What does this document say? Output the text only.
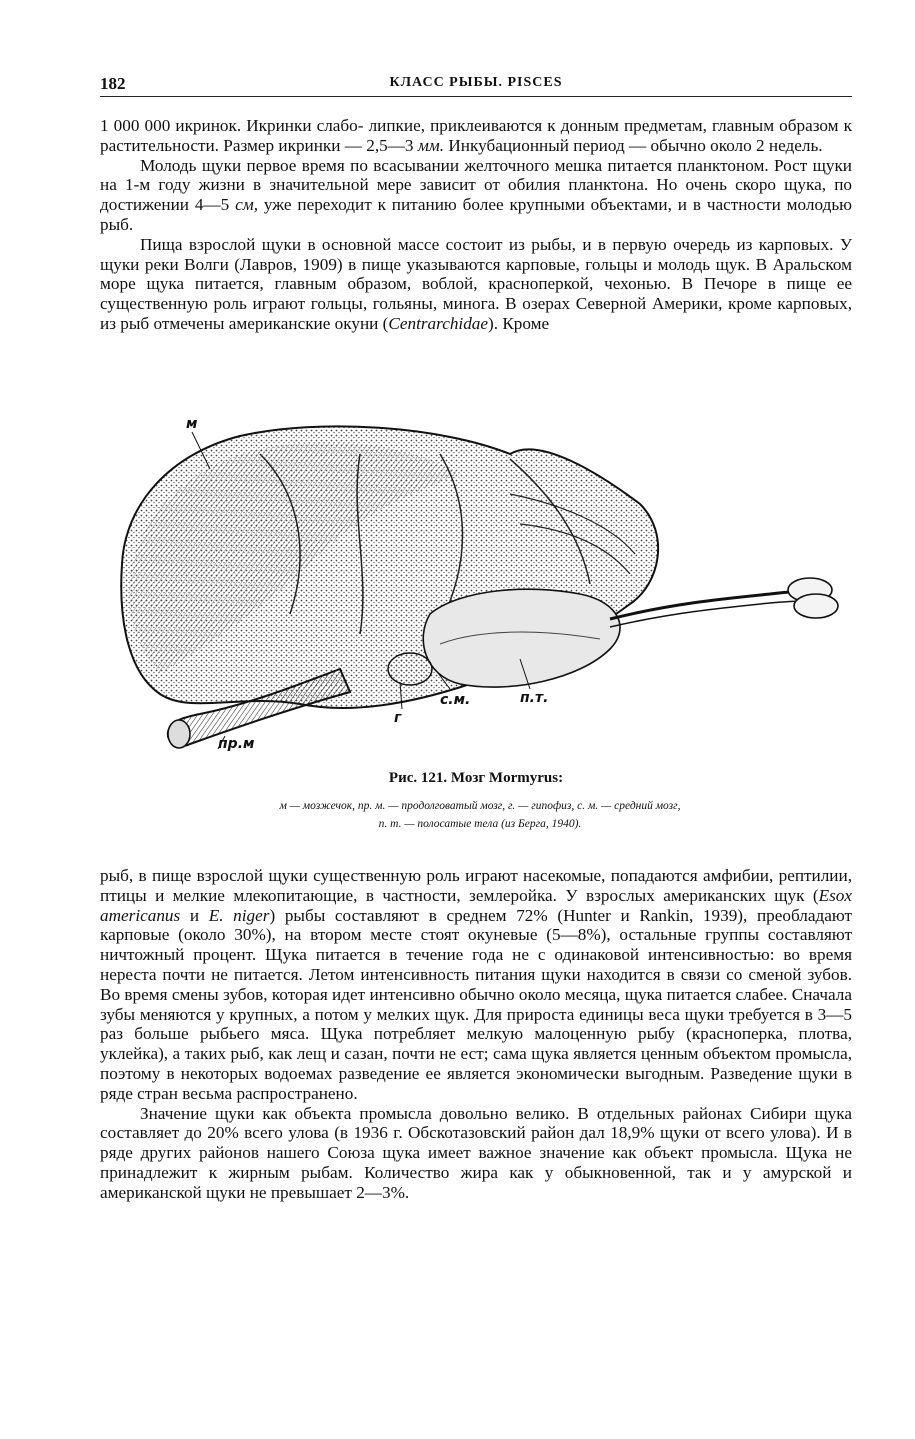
182	КЛАСС РЫБЫ. PISCES

1 000 000 икринок. Икринки слабо- липкие, приклеиваются к донным предметам, главным образом к растительности. Размер икринки — 2,5—3 мм. Инкубационный период — обычно около 2 недель.

Молодь щуки первое время по всасывании желточного мешка питается планктоном. Рост щуки на 1-м году жизни в значительной мере зависит от обилия планктона. Но очень скоро щука, по достижении 4—5 см, уже переходит к питанию более крупными объектами, и в частности молодью рыб.

Пища взрослой щуки в основной массе состоит из рыбы, и в первую очередь из карповых. У щуки реки Волги (Лавров, 1909) в пище указываются карповые, гольцы и молодь щук. В Аральском море щука питается, главным образом, воблой, красноперкой, чехонью. В Печоре в пище ее существенную роль играют гольцы, гольяны, минога. В озерах Северной Америки, кроме карповых, из рыб отмечены американские окуни (Centrarchidae). Кроме

м
пр.м
г
с.м.	п.т.
Рис. 121. Мозг Mormyrus:
м — мозжечок, пр. м. — продолговатый мозг, г. — гипофиз, с. м. — средний мозг,
п. т. — полосатые тела (из Берга, 1940).

рыб, в пище взрослой щуки существенную роль играют насекомые, попадаются амфибии, рептилии, птицы и мелкие млекопитающие, в частности, землеройка. У взрослых американских щук (Esox americanus и E. niger) рыбы составляют в среднем 72% (Hunter и Rankin, 1939), преобладают карповые (около 30%), на втором месте стоят окуневые (5—8%), остальные группы составляют ничтожный процент. Щука питается в течение года не с одинаковой интенсивностью: во время нереста почти не питается. Летом интенсивность питания щуки находится в связи со сменой зубов. Во время смены зубов, которая идет интенсивно обычно около месяца, щука питается слабее. Сначала зубы меняются у крупных, а потом у мелких щук. Для прироста единицы веса щуки требуется в 3—5 раз больше рыбьего мяса. Щука потребляет мелкую малоценную рыбу (красноперка, плотва, уклейка), а таких рыб, как лещ и сазан, почти не ест; сама щука является ценным объектом промысла, поэтому в некоторых водоемах разведение ее является экономически выгодным. Разведение щуки в ряде стран весьма распространено.

Значение щуки как объекта промысла довольно велико. В отдельных районах Сибири щука составляет до 20% всего улова (в 1936 г. Обскотазовский район дал 18,9% щуки от всего улова). И в ряде других районов нашего Союза щука имеет важное значение как объект промысла. Щука не принадлежит к жирным рыбам. Количество жира как у обыкновенной, так и у амурской и американской щуки не превышает 2—3%.
